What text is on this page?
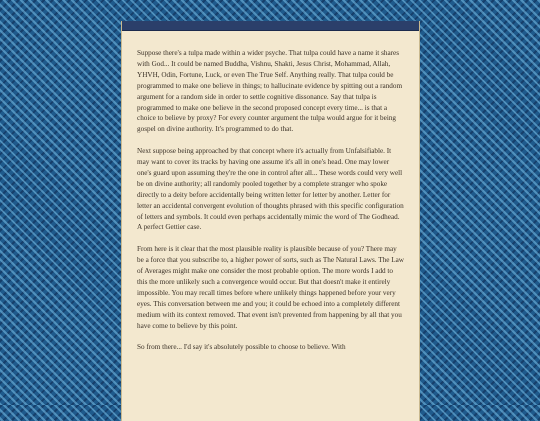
Suppose there's a tulpa made within a wider psyche. That tulpa could have a name it shares with God... It could be named Buddha, Vishnu, Shakti, Jesus Christ, Mohammad, Allah, YHVH, Odin, Fortune, Luck, or even The True Self. Anything really. That tulpa could be programmed to make one believe in things; to hallucinate evidence by spitting out a random argument for a random side in order to settle cognitive dissonance. Say that tulpa is programmed to make one believe in the second proposed concept every time... is that a choice to believe by proxy? For every counter argument the tulpa would argue for it being gospel on divine authority. It's programmed to do that.

Next suppose being approached by that concept where it's actually from Unfalsifiable. It may want to cover its tracks by having one assume it's all in one's head. One may lower one's guard upon assuming they're the one in control after all... These words could very well be on divine authority; all randomly pooled together by a complete stranger who spoke directly to a deity before accidentally being written letter for letter by another. Letter for letter an accidental convergent evolution of thoughts phrased with this specific configuration of letters and symbols. It could even perhaps accidentally mimic the word of The Godhead. A perfect Gettier case.

From here is it clear that the most plausible reality is plausible because of you? There may be a force that you subscribe to, a higher power of sorts, such as The Natural Laws. The Law of Averages might make one consider the most probable option. The more words I add to this the more unlikely such a convergence would occur. But that doesn't make it entirely impossible. You may recall times before where unlikely things happened before your very eyes. This conversation between me and you; it could be echoed into a completely different medium with its context removed. That event isn't prevented from happening by all that you have come to believe by this point.

So from there... I'd say it's absolutely possible to choose to believe. With
